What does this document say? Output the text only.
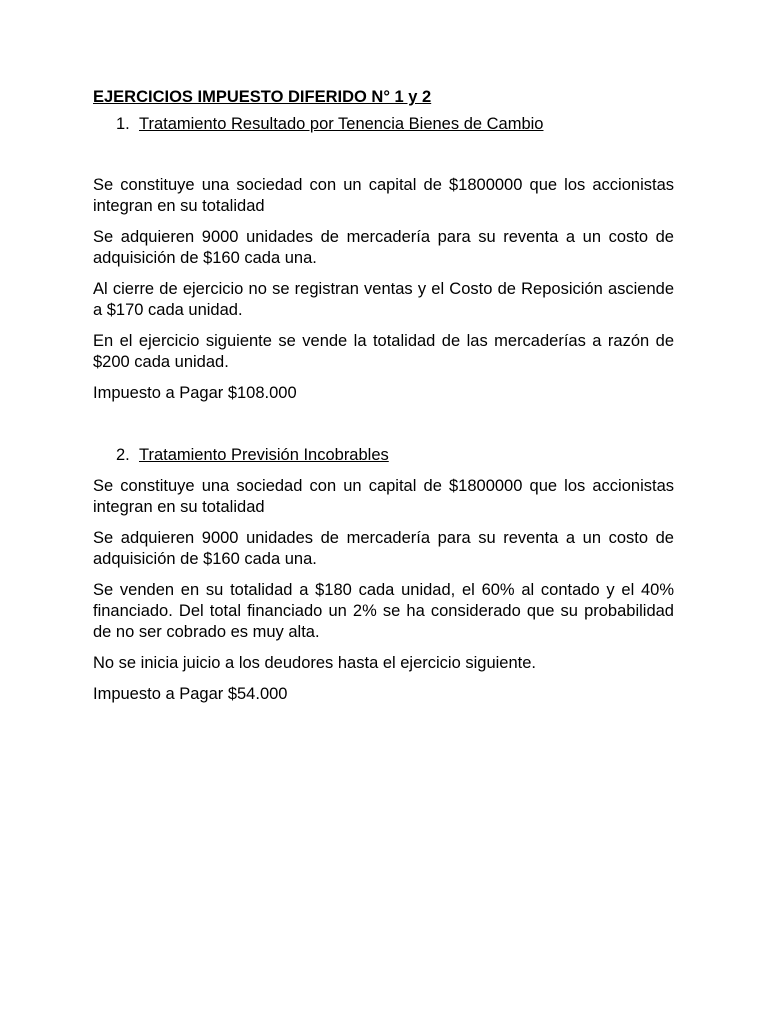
EJERCICIOS IMPUESTO DIFERIDO N° 1 y 2

1. Tratamiento Resultado por Tenencia Bienes de Cambio

Se constituye una sociedad con un capital de $1800000 que los accionistas integran en su totalidad

Se adquieren 9000 unidades de mercadería para su reventa a un costo de adquisición de $160 cada una.

Al cierre de ejercicio no se registran ventas y el Costo de Reposición asciende a $170 cada unidad.

En el ejercicio siguiente se vende la totalidad de las mercaderías a razón de $200 cada unidad.

Impuesto a Pagar $108.000

2. Tratamiento Previsión Incobrables

Se constituye una sociedad con un capital de $1800000 que los accionistas integran en su totalidad

Se adquieren 9000 unidades de mercadería para su reventa a un costo de adquisición de $160 cada una.

Se venden en su totalidad a $180 cada unidad, el 60% al contado y el 40% financiado. Del total financiado un 2% se ha considerado que su probabilidad de no ser cobrado es muy alta.

No se inicia juicio a los deudores hasta el ejercicio siguiente.

Impuesto a Pagar $54.000
